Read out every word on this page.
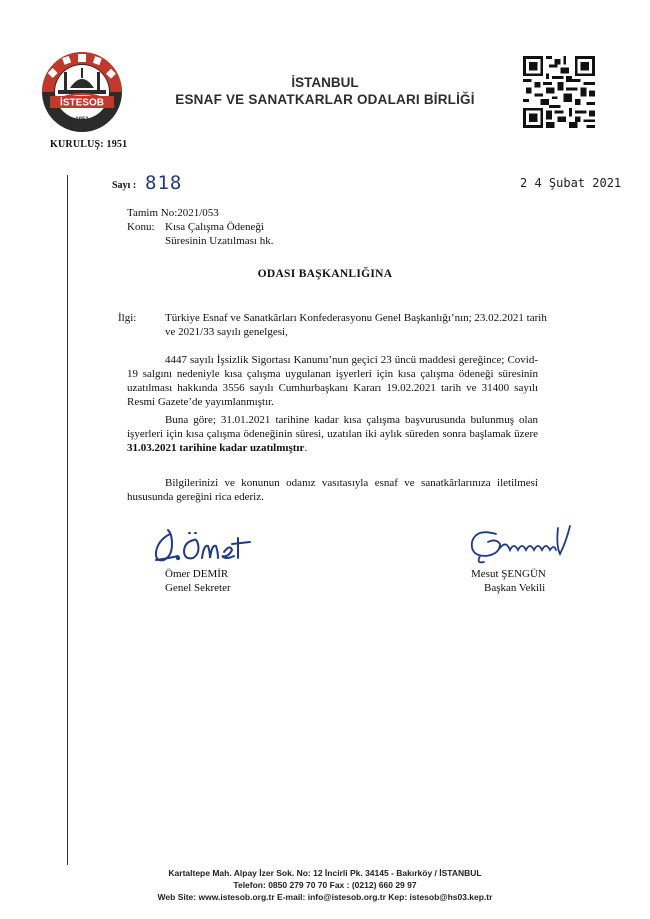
İSTESOB
1951
KURULUŞ: 1951
İSTANBUL
ESNAF VE SANATKARLAR ODALARI BİRLİĞİ
Sayı : 818	2 4 Şubat 2021
Tamim No:2021/053
Konu: Kısa Çalışma Ödeneği
Süresinin Uzatılması hk.
ODASI BAŞKANLIĞINA
İlgi:	Türkiye Esnaf ve Sanatkârları Konfederasyonu Genel Başkanlığı’nın; 23.02.2021 tarih
ve 2021/33 sayılı genelgesi,
4447 sayılı İşsizlik Sigortası Kanunu’nun geçici 23 üncü maddesi gereğince; Covid-19 salgını nedeniyle kısa çalışma uygulanan işyerleri için kısa çalışma ödeneği süresinin uzatılması hakkında 3556 sayılı Cumhurbaşkanı Kararı 19.02.2021 tarih ve 31400 sayılı Resmi Gazete’de yayımlanmıştır.
Buna göre; 31.01.2021 tarihine kadar kısa çalışma başvurusunda bulunmuş olan işyerleri için kısa çalışma ödeneğinin süresi, uzatılan iki aylık süreden sonra başlamak üzere 31.03.2021 tarihine kadar uzatılmıştır.
Bilgilerinizi ve konunun odanız vasıtasıyla esnaf ve sanatkârlarınıza iletilmesi hususunda gereğini rica ederiz.
Ömer DEMİR
Genel Sekreter
Mesut ŞENGÜN
Başkan Vekili
Kartaltepe Mah. Alpay İzer Sok. No: 12 İncirli Pk. 34145 - Bakırköy / İSTANBUL
Telefon: 0850 279 70 70 Fax : (0212) 660 29 97
Web Site: www.istesob.org.tr E-mail: info@istesob.org.tr Kep: istesob@hs03.kep.tr
